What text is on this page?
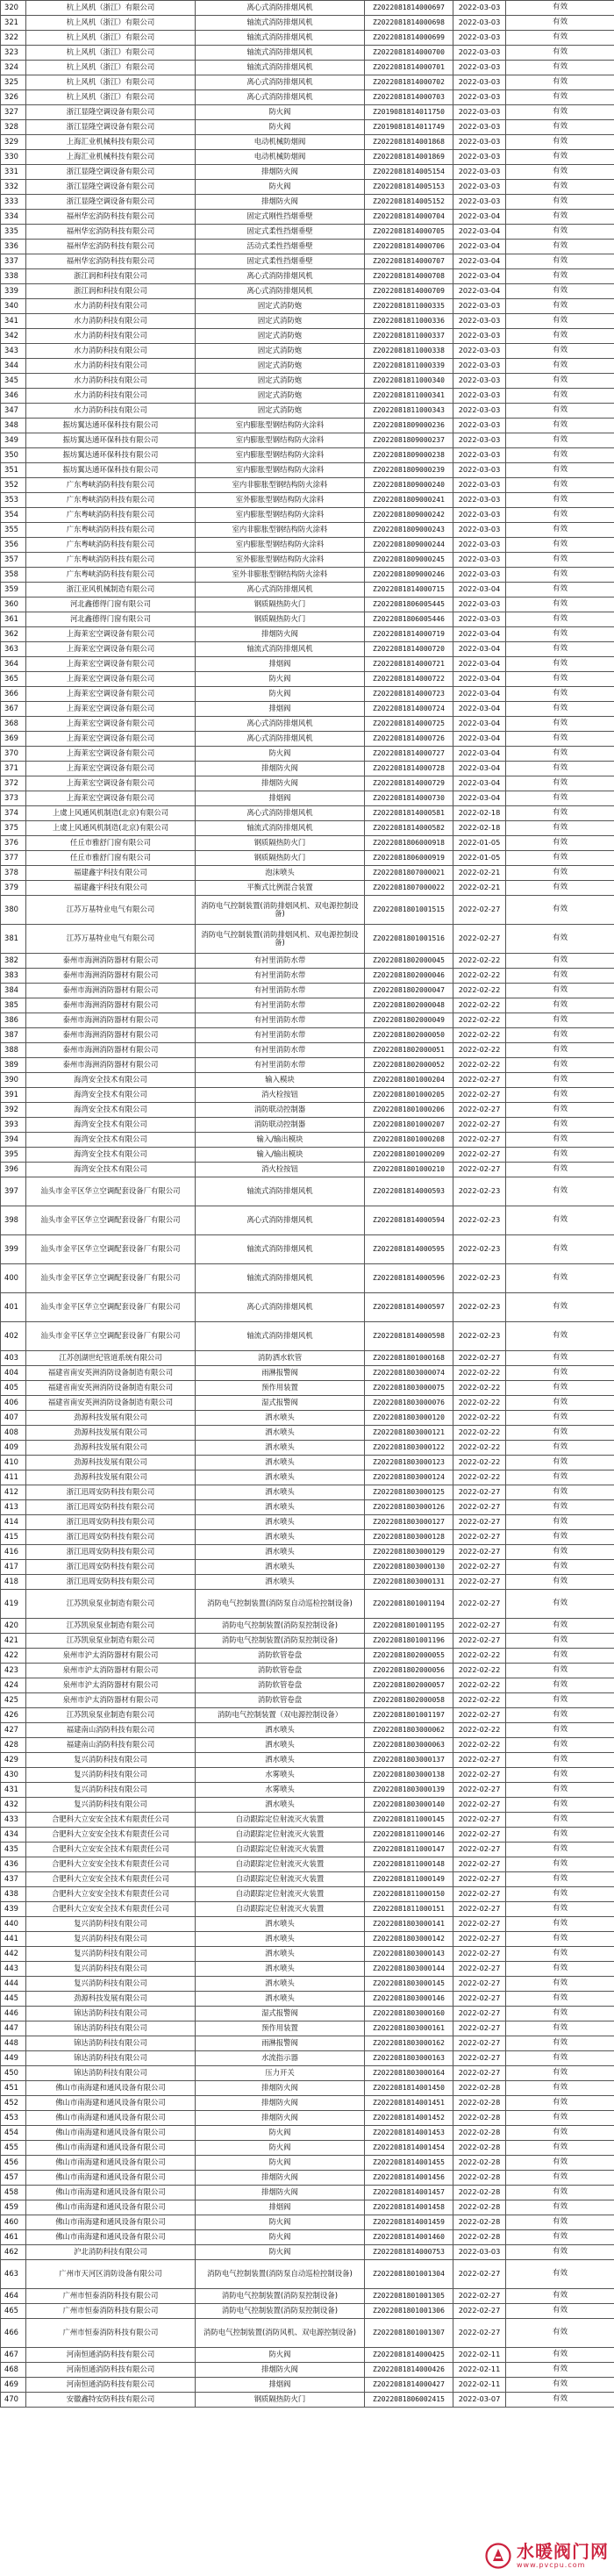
320	杭上风机（浙江）有限公司	离心式消防排烟风机	Z2022081814000697	2022-03-03	有效
321	杭上风机（浙江）有限公司	轴流式消防排烟风机	Z2022081814000698	2022-03-03	有效
322	杭上风机（浙江）有限公司	轴流式消防排烟风机	Z2022081814000699	2022-03-03	有效
323	杭上风机（浙江）有限公司	轴流式消防排烟风机	Z2022081814000700	2022-03-03	有效
324	杭上风机（浙江）有限公司	轴流式消防排烟风机	Z2022081814000701	2022-03-03	有效
325	杭上风机（浙江）有限公司	离心式消防排烟风机	Z2022081814000702	2022-03-03	有效
326	杭上风机（浙江）有限公司	离心式消防排烟风机	Z2022081814000703	2022-03-03	有效
327	浙江显隆空调设备有限公司	防火阀	Z2019081814011750	2022-03-03	有效
328	浙江显隆空调设备有限公司	防火阀	Z2019081814011749	2022-03-03	有效
329	上海汇业机械科技有限公司	电动机械防烟阀	Z2022081814001868	2022-03-03	有效
330	上海汇业机械科技有限公司	电动机械防烟阀	Z2022081814001869	2022-03-03	有效
331	浙江显隆空调设备有限公司	排烟防火阀	Z2022081814005154	2022-03-03	有效
332	浙江显隆空调设备有限公司	防火阀	Z2022081814005153	2022-03-03	有效
333	浙江显隆空调设备有限公司	排烟防火阀	Z2022081814005152	2022-03-03	有效
334	福州华宏消防科技有限公司	固定式刚性挡烟垂壁	Z2022081814000704	2022-03-04	有效
335	福州华宏消防科技有限公司	固定式柔性挡烟垂壁	Z2022081814000705	2022-03-04	有效
336	福州华宏消防科技有限公司	活动式柔性挡烟垂壁	Z2022081814000706	2022-03-04	有效
337	福州华宏消防科技有限公司	固定式柔性挡烟垂壁	Z2022081814000707	2022-03-04	有效
338	浙江润和科技有限公司	离心式消防排烟风机	Z2022081814000708	2022-03-04	有效
339	浙江润和科技有限公司	离心式消防排烟风机	Z2022081814000709	2022-03-04	有效
340	水力消防科技有限公司	固定式消防炮	Z2022081811000335	2022-03-03	有效
341	水力消防科技有限公司	固定式消防炮	Z2022081811000336	2022-03-03	有效
342	水力消防科技有限公司	固定式消防炮	Z2022081811000337	2022-03-03	有效
343	水力消防科技有限公司	固定式消防炮	Z2022081811000338	2022-03-03	有效
344	水力消防科技有限公司	固定式消防炮	Z2022081811000339	2022-03-03	有效
345	水力消防科技有限公司	固定式消防炮	Z2022081811000340	2022-03-03	有效
346	水力消防科技有限公司	固定式消防炮	Z2022081811000341	2022-03-03	有效
347	水力消防科技有限公司	固定式消防炮	Z2022081811000343	2022-03-03	有效
348	振坊翼达通环保科技有限公司	室内膨胀型钢结构防火涂料	Z2022081809000236	2022-03-03	有效
349	振坊翼达通环保科技有限公司	室内膨胀型钢结构防火涂料	Z2022081809000237	2022-03-03	有效
350	振坊翼达通环保科技有限公司	室内膨胀型钢结构防火涂料	Z2022081809000238	2022-03-03	有效
351	振坊翼达通环保科技有限公司	室内膨胀型钢结构防火涂料	Z2022081809000239	2022-03-03	有效
352	广东粤峡消防科技有限公司	室内非膨胀型钢结构防火涂料	Z2022081809000240	2022-03-03	有效
353	广东粤峡消防科技有限公司	室外膨胀型钢结构防火涂料	Z2022081809000241	2022-03-03	有效
354	广东粤峡消防科技有限公司	室内膨胀型钢结构防火涂料	Z2022081809000242	2022-03-03	有效
355	广东粤峡消防科技有限公司	室内非膨胀型钢结构防火涂料	Z2022081809000243	2022-03-03	有效
356	广东粤峡消防科技有限公司	室内膨胀型钢结构防火涂料	Z2022081809000244	2022-03-03	有效
357	广东粤峡消防科技有限公司	室外膨胀型钢结构防火涂料	Z2022081809000245	2022-03-03	有效
358	广东粤峡消防科技有限公司	室外非膨胀型钢结构防火涂料	Z2022081809000246	2022-03-03	有效
359	浙江亚风机械制造有限公司	离心式消防排烟风机	Z2022081814000715	2022-03-04	有效
360	河北鑫德得门窗有限公司	钢质隔热防火门	Z2022081806005445	2022-03-03	有效
361	河北鑫德得门窗有限公司	钢质隔热防火门	Z2022081806005446	2022-03-03	有效
362	上海莱宏空调设备有限公司	排烟防火阀	Z2022081814000719	2022-03-04	有效
363	上海莱宏空调设备有限公司	轴流式消防排烟风机	Z2022081814000720	2022-03-04	有效
364	上海莱宏空调设备有限公司	排烟阀	Z2022081814000721	2022-03-04	有效
365	上海莱宏空调设备有限公司	防火阀	Z2022081814000722	2022-03-04	有效
366	上海莱宏空调设备有限公司	防火阀	Z2022081814000723	2022-03-04	有效
367	上海莱宏空调设备有限公司	排烟阀	Z2022081814000724	2022-03-04	有效
368	上海莱宏空调设备有限公司	离心式消防排烟风机	Z2022081814000725	2022-03-04	有效
369	上海莱宏空调设备有限公司	离心式消防排烟风机	Z2022081814000726	2022-03-04	有效
370	上海莱宏空调设备有限公司	防火阀	Z2022081814000727	2022-03-04	有效
371	上海莱宏空调设备有限公司	排烟防火阀	Z2022081814000728	2022-03-04	有效
372	上海莱宏空调设备有限公司	排烟防火阀	Z2022081814000729	2022-03-04	有效
373	上海莱宏空调设备有限公司	排烟阀	Z2022081814000730	2022-03-04	有效
374	上虞上风通风机制造(北京)有限公司	离心式消防排烟风机	Z2022081814000581	2022-02-18	有效
375	上虞上风通风机制造(北京)有限公司	轴流式消防排烟风机	Z2022081814000582	2022-02-18	有效
376	任丘市雅舒门窗有限公司	钢质隔热防火门	Z2022081806000918	2022-01-05	有效
377	任丘市雅舒门窗有限公司	钢质隔热防火门	Z2022081806000919	2022-01-05	有效
378	福建鑫宇科技有限公司	泡沫喷头	Z2022081807000021	2022-02-21	有效
379	福建鑫宇科技有限公司	平衡式比例混合装置	Z2022081807000022	2022-02-21	有效
380	江苏万基特业电气有限公司	消防电气控制装置(消防排烟风机、双电源控制设备)	Z2022081801001515	2022-02-27	有效
381	江苏万基特业电气有限公司	消防电气控制装置(消防排烟风机、双电源控制设备)	Z2022081801001516	2022-02-27	有效
382	泰州市海洲消防器材有限公司	有衬里消防水带	Z2022081802000045	2022-02-22	有效
383	泰州市海洲消防器材有限公司	有衬里消防水带	Z2022081802000046	2022-02-22	有效
384	泰州市海洲消防器材有限公司	有衬里消防水带	Z2022081802000047	2022-02-22	有效
385	泰州市海洲消防器材有限公司	有衬里消防水带	Z2022081802000048	2022-02-22	有效
386	泰州市海洲消防器材有限公司	有衬里消防水带	Z2022081802000049	2022-02-22	有效
387	泰州市海洲消防器材有限公司	有衬里消防水带	Z2022081802000050	2022-02-22	有效
388	泰州市海洲消防器材有限公司	有衬里消防水带	Z2022081802000051	2022-02-22	有效
389	泰州市海洲消防器材有限公司	有衬里消防水带	Z2022081802000052	2022-02-22	有效
390	海湾安全技术有限公司	输入模块	Z2022081801000204	2022-02-27	有效
391	海湾安全技术有限公司	消火栓按钮	Z2022081801000205	2022-02-27	有效
392	海湾安全技术有限公司	消防联动控制器	Z2022081801000206	2022-02-27	有效
393	海湾安全技术有限公司	消防联动控制器	Z2022081801000207	2022-02-27	有效
394	海湾安全技术有限公司	输入/输出模块	Z2022081801000208	2022-02-27	有效
395	海湾安全技术有限公司	输入/输出模块	Z2022081801000209	2022-02-27	有效
396	海湾安全技术有限公司	消火栓按钮	Z2022081801000210	2022-02-27	有效
397	汕头市金平区华立空调配套设备厂有限公司	轴流式消防排烟风机	Z2022081814000593	2022-02-23	有效
398	汕头市金平区华立空调配套设备厂有限公司	离心式消防排烟风机	Z2022081814000594	2022-02-23	有效
399	汕头市金平区华立空调配套设备厂有限公司	轴流式消防排烟风机	Z2022081814000595	2022-02-23	有效
400	汕头市金平区华立空调配套设备厂有限公司	轴流式消防排烟风机	Z2022081814000596	2022-02-23	有效
401	汕头市金平区华立空调配套设备厂有限公司	离心式消防排烟风机	Z2022081814000597	2022-02-23	有效
402	汕头市金平区华立空调配套设备厂有限公司	轴流式消防排烟风机	Z2022081814000598	2022-02-23	有效
403	江苏创湖世纪管道系统有限公司	消防洒水软管	Z2022081801000168	2022-02-27	有效
404	福建省南安英洲消防设备制造有限公司	雨淋报警阀	Z2022081803000074	2022-02-22	有效
405	福建省南安英洲消防设备制造有限公司	预作用装置	Z2022081803000075	2022-02-22	有效
406	福建省南安英洲消防设备制造有限公司	湿式报警阀	Z2022081803000076	2022-02-22	有效
407	劲源科技发展有限公司	洒水喷头	Z2022081803000120	2022-02-22	有效
408	劲源科技发展有限公司	洒水喷头	Z2022081803000121	2022-02-22	有效
409	劲源科技发展有限公司	洒水喷头	Z2022081803000122	2022-02-22	有效
410	劲源科技发展有限公司	洒水喷头	Z2022081803000123	2022-02-22	有效
411	劲源科技发展有限公司	洒水喷头	Z2022081803000124	2022-02-22	有效
412	浙江迅周安防科技有限公司	洒水喷头	Z2022081803000125	2022-02-27	有效
413	浙江迅周安防科技有限公司	洒水喷头	Z2022081803000126	2022-02-27	有效
414	浙江迅周安防科技有限公司	洒水喷头	Z2022081803000127	2022-02-27	有效
415	浙江迅周安防科技有限公司	洒水喷头	Z2022081803000128	2022-02-27	有效
416	浙江迅周安防科技有限公司	洒水喷头	Z2022081803000129	2022-02-27	有效
417	浙江迅周安防科技有限公司	洒水喷头	Z2022081803000130	2022-02-27	有效
418	浙江迅周安防科技有限公司	洒水喷头	Z2022081803000131	2022-02-27	有效
419	江苏凯泉泵业制造有限公司	消防电气控制装置(消防泵自动巡检控制设备)	Z2022081801001194	2022-02-27	有效
420	江苏凯泉泵业制造有限公司	消防电气控制装置(消防泵控制设备)	Z2022081801001195	2022-02-27	有效
421	江苏凯泉泵业制造有限公司	消防电气控制装置(消防泵控制设备)	Z2022081801001196	2022-02-27	有效
422	泉州市沪太消防器材有限公司	消防软管卷盘	Z2022081802000055	2022-02-22	有效
423	泉州市沪太消防器材有限公司	消防软管卷盘	Z2022081802000056	2022-02-22	有效
424	泉州市沪太消防器材有限公司	消防软管卷盘	Z2022081802000057	2022-02-22	有效
425	泉州市沪太消防器材有限公司	消防软管卷盘	Z2022081802000058	2022-02-22	有效
426	江苏凯泉泵业制造有限公司	消防电气控制装置（双电源控制设备）	Z2022081801001197	2022-02-27	有效
427	福建南山消防科技有限公司	洒水喷头	Z2022081803000062	2022-02-22	有效
428	福建南山消防科技有限公司	洒水喷头	Z2022081803000063	2022-02-22	有效
429	复兴消防科技有限公司	洒水喷头	Z2022081803000137	2022-02-27	有效
430	复兴消防科技有限公司	水雾喷头	Z2022081803000138	2022-02-27	有效
431	复兴消防科技有限公司	水雾喷头	Z2022081803000139	2022-02-27	有效
432	复兴消防科技有限公司	洒水喷头	Z2022081803000140	2022-02-27	有效
433	合肥科大立安安全技术有限责任公司	自动跟踪定位射流灭火装置	Z2022081811000145	2022-02-27	有效
434	合肥科大立安安全技术有限责任公司	自动跟踪定位射流灭火装置	Z2022081811000146	2022-02-27	有效
435	合肥科大立安安全技术有限责任公司	自动跟踪定位射流灭火装置	Z2022081811000147	2022-02-27	有效
436	合肥科大立安安全技术有限责任公司	自动跟踪定位射流灭火装置	Z2022081811000148	2022-02-27	有效
437	合肥科大立安安全技术有限责任公司	自动跟踪定位射流灭火装置	Z2022081811000149	2022-02-27	有效
438	合肥科大立安安全技术有限责任公司	自动跟踪定位射流灭火装置	Z2022081811000150	2022-02-27	有效
439	合肥科大立安安全技术有限责任公司	自动跟踪定位射流灭火装置	Z2022081811000151	2022-02-27	有效
440	复兴消防科技有限公司	洒水喷头	Z2022081803000141	2022-02-27	有效
441	复兴消防科技有限公司	洒水喷头	Z2022081803000142	2022-02-27	有效
442	复兴消防科技有限公司	洒水喷头	Z2022081803000143	2022-02-27	有效
443	复兴消防科技有限公司	洒水喷头	Z2022081803000144	2022-02-27	有效
444	复兴消防科技有限公司	洒水喷头	Z2022081803000145	2022-02-27	有效
445	劲源科技发展有限公司	洒水喷头	Z2022081803000146	2022-02-27	有效
446	锦达消防科技有限公司	湿式报警阀	Z2022081803000160	2022-02-27	有效
447	锦达消防科技有限公司	预作用装置	Z2022081803000161	2022-02-27	有效
448	锦达消防科技有限公司	雨淋报警阀	Z2022081803000162	2022-02-27	有效
449	锦达消防科技有限公司	水流指示器	Z2022081803000163	2022-02-27	有效
450	锦达消防科技有限公司	压力开关	Z2022081803000164	2022-02-27	有效
451	佛山市南海建和通风设备有限公司	排烟防火阀	Z2022081814001450	2022-02-28	有效
452	佛山市南海建和通风设备有限公司	排烟防火阀	Z2022081814001451	2022-02-28	有效
453	佛山市南海建和通风设备有限公司	排烟防火阀	Z2022081814001452	2022-02-28	有效
454	佛山市南海建和通风设备有限公司	防火阀	Z2022081814001453	2022-02-28	有效
455	佛山市南海建和通风设备有限公司	防火阀	Z2022081814001454	2022-02-28	有效
456	佛山市南海建和通风设备有限公司	防火阀	Z2022081814001455	2022-02-28	有效
457	佛山市南海建和通风设备有限公司	排烟防火阀	Z2022081814001456	2022-02-28	有效
458	佛山市南海建和通风设备有限公司	排烟防火阀	Z2022081814001457	2022-02-28	有效
459	佛山市南海建和通风设备有限公司	排烟阀	Z2022081814001458	2022-02-28	有效
460	佛山市南海建和通风设备有限公司	防火阀	Z2022081814001459	2022-02-28	有效
461	佛山市南海建和通风设备有限公司	防火阀	Z2022081814001460	2022-02-28	有效
462	沪北消防科技有限公司	防火阀	Z2022081814000753	2022-03-03	有效
463	广州市天河区消防设备有限公司	消防电气控制装置(消防泵自动巡检控制设备)	Z2022081801001304	2022-02-27	有效
464	广州市恒泰消防科技有限公司	消防电气控制装置(消防泵控制设备)	Z2022081801001305	2022-02-27	有效
465	广州市恒泰消防科技有限公司	消防电气控制装置(消防泵控制设备)	Z2022081801001306	2022-02-27	有效
466	广州市恒泰消防科技有限公司	消防电气控制装置(消防风机、双电源控制设备)	Z2022081801001307	2022-02-27	有效
467	河南恒通消防科技有限公司	防火阀	Z2022081814000425	2022-02-11	有效
468	河南恒通消防科技有限公司	排烟防火阀	Z2022081814000426	2022-02-11	有效
469	河南恒通消防科技有限公司	排烟阀	Z2022081814000427	2022-02-11	有效
470	安徽鑫特安防科技有限公司	钢质隔热防火门	Z2022081806002415	2022-03-07	有效
水暖阀门网
www.pvcpu.com
